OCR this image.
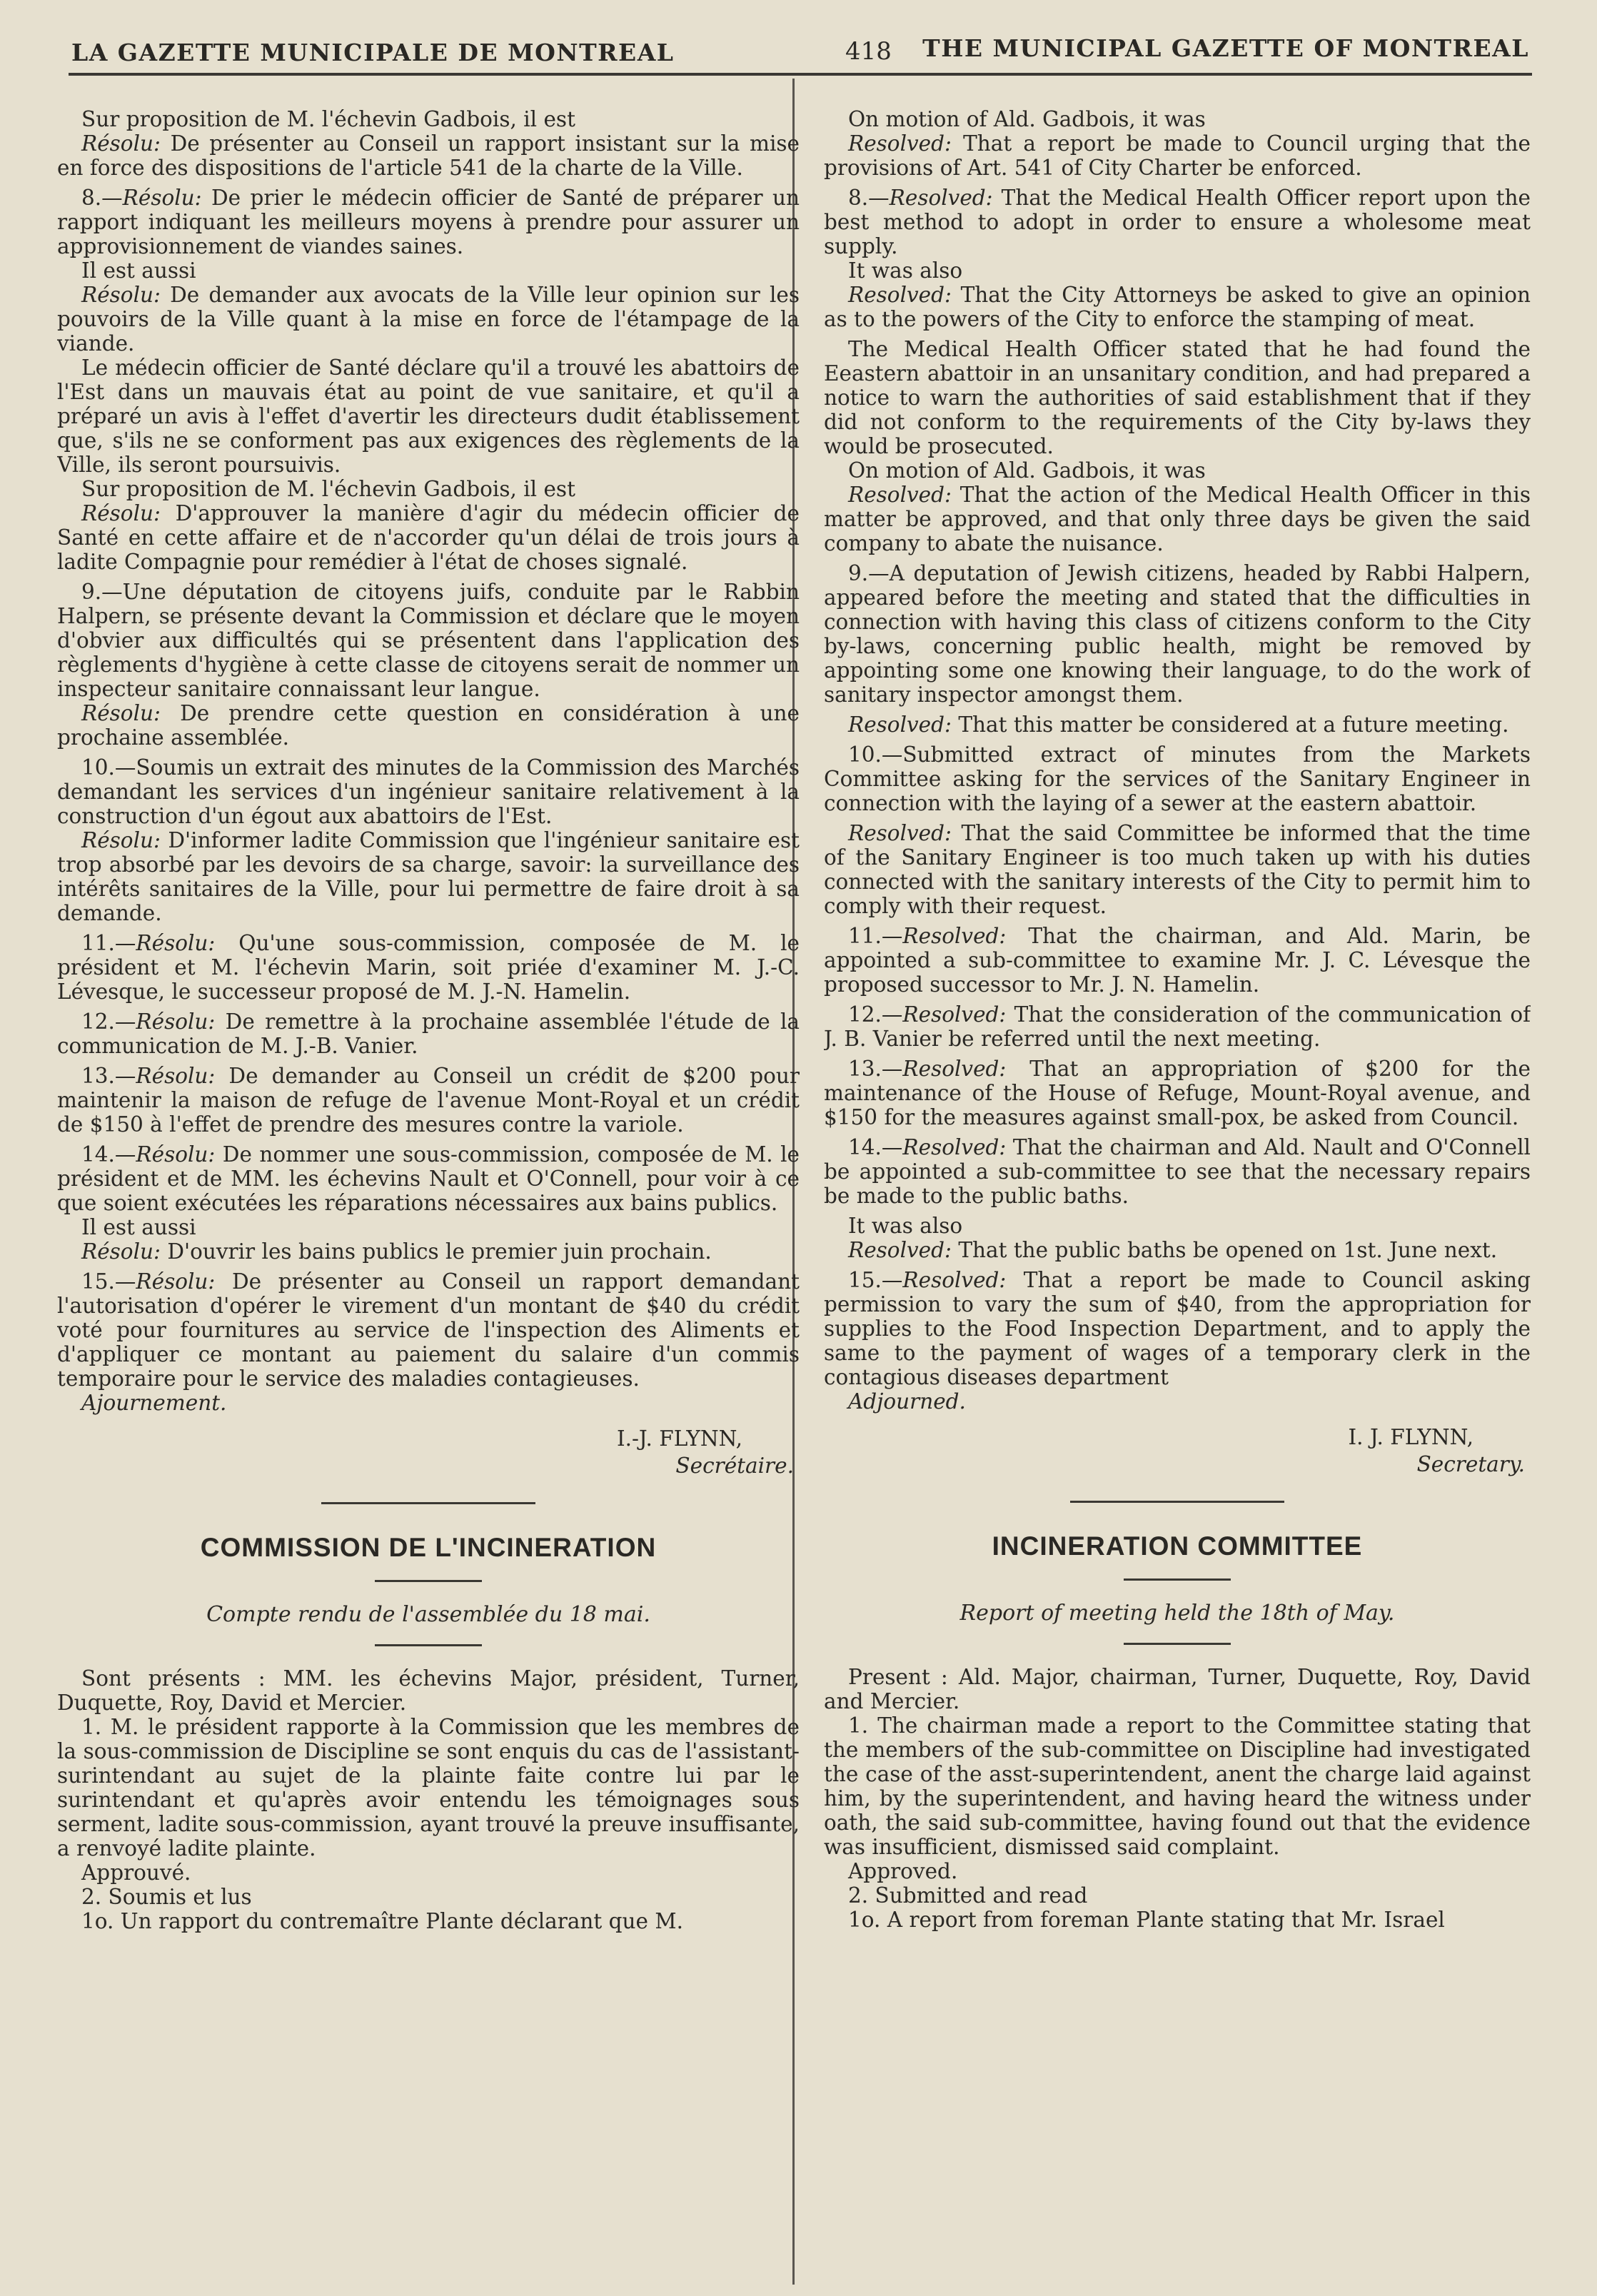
LA GAZETTE MUNICIPALE DE MONTREAL	418 THE MUNICIPAL GAZETTE OF MONTREAL

Sur proposition de M. l'échevin Gadbois, il est

Résolu: De présenter au Conseil un rapport insistant sur la mise en force des dispositions de l'article 541 de la charte de la Ville.

8.—Résolu: De prier le médecin officier de Santé de préparer un rapport indiquant les meilleurs moyens à prendre pour assurer un approvisionnement de viandes saines.

Il est aussi

Résolu: De demander aux avocats de la Ville leur opinion sur les pouvoirs de la Ville quant à la mise en force de l'étampage de la viande.

Le médecin officier de Santé déclare qu'il a trouvé les abattoirs de l'Est dans un mauvais état au point de vue sanitaire, et qu'il a préparé un avis à l'effet d'avertir les directeurs dudit établissement que, s'ils ne se conforment pas aux exigences des règlements de la Ville, ils seront poursuivis.

Sur proposition de M. l'échevin Gadbois, il est

Résolu: D'approuver la manière d'agir du médecin officier de Santé en cette affaire et de n'accorder qu'un délai de trois jours à ladite Compagnie pour remédier à l'état de choses signalé.

9.—Une députation de citoyens juifs, conduite par le Rabbin Halpern, se présente devant la Commission et déclare que le moyen d'obvier aux difficultés qui se présentent dans l'application des règlements d'hygiène à cette classe de citoyens serait de nommer un inspecteur sanitaire connaissant leur langue.

Résolu: De prendre cette question en considération à une prochaine assemblée.

10.—Soumis un extrait des minutes de la Commission des Marchés demandant les services d'un ingénieur sanitaire relativement à la construction d'un égout aux abattoirs de l'Est.

Résolu: D'informer ladite Commission que l'ingénieur sanitaire est trop absorbé par les devoirs de sa charge, savoir: la surveillance des intérêts sanitaires de la Ville, pour lui permettre de faire droit à sa demande.

11.—Résolu: Qu'une sous-commission, composée de M. le président et M. l'échevin Marin, soit priée d'examiner M. J.-C. Lévesque, le successeur proposé de M. J.-N. Hamelin.

12.—Résolu: De remettre à la prochaine assemblée l'étude de la communication de M. J.-B. Vanier.

13.—Résolu: De demander au Conseil un crédit de $200 pour maintenir la maison de refuge de l'avenue Mont-Royal et un crédit de $150 à l'effet de prendre des mesures contre la variole.

14.—Résolu: De nommer une sous-commission, composée de M. le président et de MM. les échevins Nault et O'Connell, pour voir à ce que soient exécutées les réparations nécessaires aux bains publics.

Il est aussi

Résolu: D'ouvrir les bains publics le premier juin prochain.

15.—Résolu: De présenter au Conseil un rapport demandant l'autorisation d'opérer le virement d'un montant de $40 du crédit voté pour fournitures au service de l'inspection des Aliments et d'appliquer ce montant au paiement du salaire d'un commis temporaire pour le service des maladies contagieuses.

Ajournement.

I.-J. FLYNN,
Secrétaire.
COMMISSION DE L'INCINERATION
Compte rendu de l'assemblée du 18 mai.

Sont présents : MM. les échevins Major, président, Turner, Duquette, Roy, David et Mercier.

1. M. le président rapporte à la Commission que les membres de la sous-commission de Discipline se sont enquis du cas de l'assistant-surintendant au sujet de la plainte faite contre lui par le surintendant et qu'après avoir entendu les témoignages sous serment, ladite sous-commission, ayant trouvé la preuve insuffisante, a renvoyé ladite plainte.

Approuvé.

2. Soumis et lus

1o. Un rapport du contremaître Plante déclarant que M.

On motion of Ald. Gadbois, it was

Resolved: That a report be made to Council urging that the provisions of Art. 541 of City Charter be enforced.

8.—Resolved: That the Medical Health Officer report upon the best method to adopt in order to ensure a wholesome meat supply.

It was also

Resolved: That the City Attorneys be asked to give an opinion as to the powers of the City to enforce the stamping of meat.

The Medical Health Officer stated that he had found the Eeastern abattoir in an unsanitary condition, and had prepared a notice to warn the authorities of said establishment that if they did not conform to the requirements of the City by-laws they would be prosecuted.

On motion of Ald. Gadbois, it was

Resolved: That the action of the Medical Health Officer in this matter be approved, and that only three days be given the said company to abate the nuisance.

9.—A deputation of Jewish citizens, headed by Rabbi Halpern, appeared before the meeting and stated that the difficulties in connection with having this class of citizens conform to the City by-laws, concerning public health, might be removed by appointing some one knowing their language, to do the work of sanitary inspector amongst them.

Resolved: That this matter be considered at a future meeting.

10.—Submitted extract of minutes from the Markets Committee asking for the services of the Sanitary Engineer in connection with the laying of a sewer at the eastern abattoir.

Resolved: That the said Committee be informed that the time of the Sanitary Engineer is too much taken up with his duties connected with the sanitary interests of the City to permit him to comply with their request.

11.—Resolved: That the chairman, and Ald. Marin, be appointed a sub-committee to examine Mr. J. C. Lévesque the proposed successor to Mr. J. N. Hamelin.

12.—Resolved: That the consideration of the communication of J. B. Vanier be referred until the next meeting.

13.—Resolved: That an appropriation of $200 for the maintenance of the House of Refuge, Mount-Royal avenue, and $150 for the measures against small-pox, be asked from Council.

14.—Resolved: That the chairman and Ald. Nault and O'Connell be appointed a sub-committee to see that the necessary repairs be made to the public baths.

It was also

Resolved: That the public baths be opened on 1st. June next.

15.—Resolved: That a report be made to Council asking permission to vary the sum of $40, from the appropriation for supplies to the Food Inspection Department, and to apply the same to the payment of wages of a temporary clerk in the contagious diseases department

Adjourned.

I. J. FLYNN,
Secretary.
INCINERATION COMMITTEE
Report of meeting held the 18th of May.

Present : Ald. Major, chairman, Turner, Duquette, Roy, David and Mercier.

1. The chairman made a report to the Committee stating that the members of the sub-committee on Discipline had investigated the case of the asst-superintendent, anent the charge laid against him, by the superintendent, and having heard the witness under oath, the said sub-committee, having found out that the evidence was insufficient, dismissed said complaint.

Approved.

2. Submitted and read

1o. A report from foreman Plante stating that Mr. Israel
